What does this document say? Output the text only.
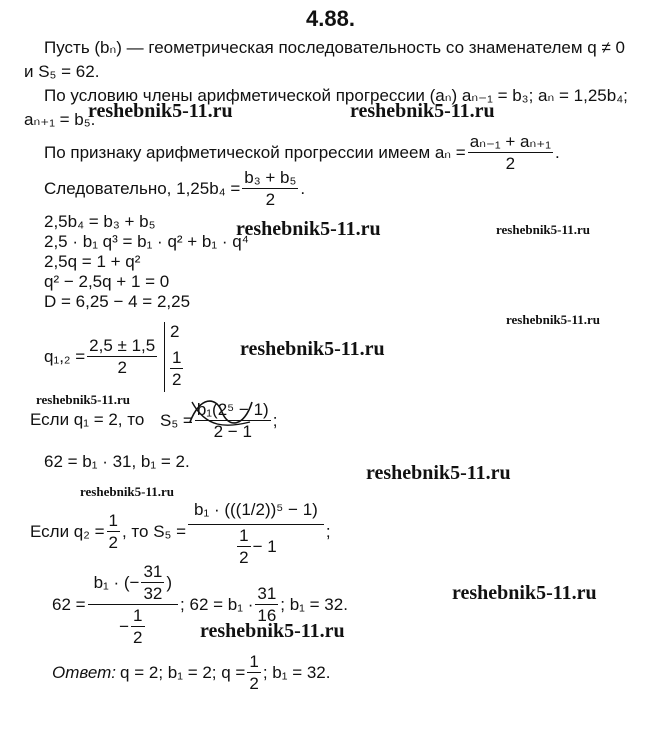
4.88.
Пусть (bₙ) — геометрическая последовательность со знаменателем q ≠ 0
и S₅ = 62.
По условию члены арифметической прогрессии (aₙ) aₙ₋₁ = b₃; aₙ = 1,25b₄;
aₙ₊₁ = b₅.
reshebnik5-11.ru	reshebnik5-11.ru
По признаку арифметической прогрессии имеем $a_n = \frac{\text{aₙ₋₁ + aₙ₊₁}}{2}$ .
Следовательно, $1,25b_4 = \frac{\text{b₃ + b₅}}{2}$ .
2,5b₄ = b₃ + b₅
2,5 · b₁ q³ = b₁ · q² + b₁ · q⁴
2,5q = 1 + q²
q² − 2,5q + 1 = 0
D = 6,25 − 4 = 2,25
reshebnik5-11.ru	reshebnik5-11.ru
reshebnik5-11.ru
$q_1,_2 = \frac{2,5 \pm 1,5}{2}$
2
$\frac{1}{2}$	reshebnik5-11.ru
reshebnik5-11.ru
Если q₁ = 2, то $S_5 = \frac{\text{b₁(2⁵ − 1)}}{2 - 1}$ ;
62 = b₁ · 31, b₁ = 2.
reshebnik5-11.ru
reshebnik5-11.ru
Если $q_2 = \frac{1}{2}$ , то $S_5 = \frac{\text{b₁ · (((1/2))⁵ − 1)}}{\frac{1}{2} - 1}$ ;
$62 = \frac{b_1 \cdot (- \frac{31}{32} )}{- \frac{1}{2}}$ ; $62 = b_1 \cdot \frac{31}{16}$ ; b₁ = 32.
reshebnik5-11.ru
reshebnik5-11.ru
Ответ: q = 2; b₁ = 2; $q = \frac{1}{2}$ ; b₁ = 32.
